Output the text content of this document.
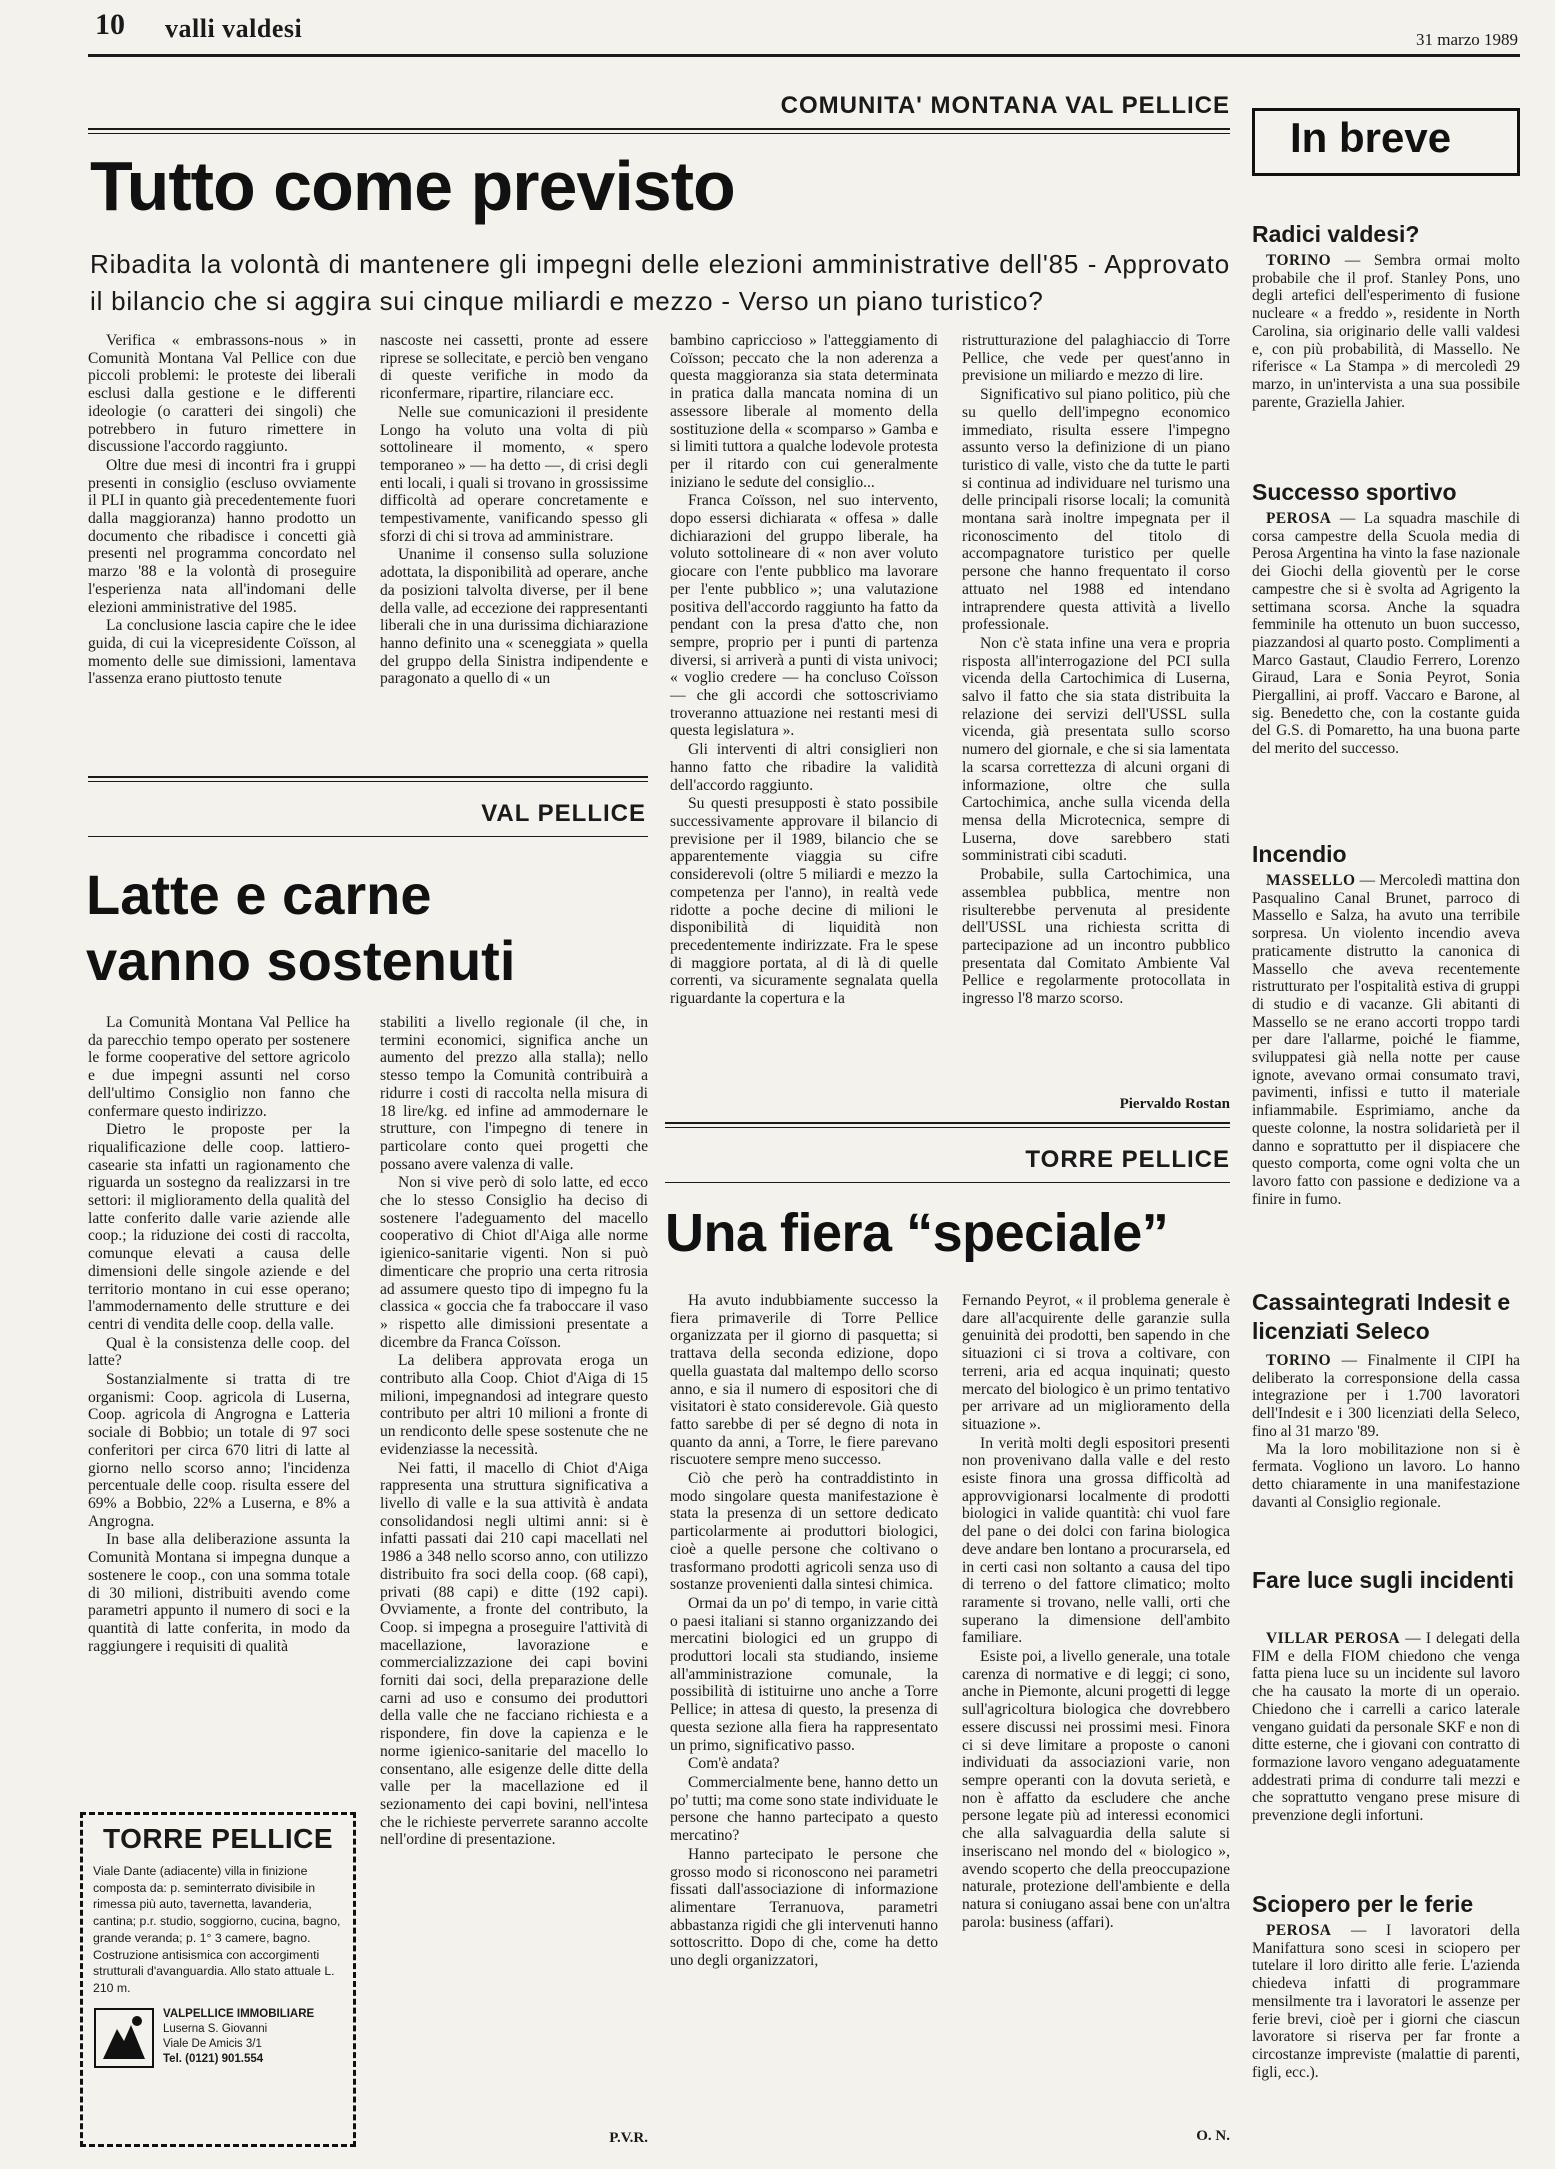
10 valli valdesi	31 marzo 1989
COMUNITA' MONTANA VAL PELLICE
Tutto come previsto
Ribadita la volontà di mantenere gli impegni delle elezioni amministrative dell'85 - Approvato il bilancio che si aggira sui cinque miliardi e mezzo - Verso un piano turistico?

Verifica « embrassons-nous » in Comunità Montana Val Pellice con due piccoli problemi: le proteste dei liberali esclusi dalla gestione e le differenti ideologie (o caratteri dei singoli) che potrebbero in futuro rimettere in discussione l'accordo raggiunto.

Oltre due mesi di incontri fra i gruppi presenti in consiglio (escluso ovviamente il PLI in quanto già precedentemente fuori dalla maggioranza) hanno prodotto un documento che ribadisce i concetti già presenti nel programma concordato nel marzo '88 e la volontà di proseguire l'esperienza nata all'indomani delle elezioni amministrative del 1985.

La conclusione lascia capire che le idee guida, di cui la vicepresidente Coïsson, al momento delle sue dimissioni, lamentava l'assenza erano piuttosto tenute

nascoste nei cassetti, pronte ad essere riprese se sollecitate, e perciò ben vengano di queste verifiche in modo da riconfermare, ripartire, rilanciare ecc.

Nelle sue comunicazioni il presidente Longo ha voluto una volta di più sottolineare il momento, « spero temporaneo » — ha detto —, di crisi degli enti locali, i quali si trovano in grossissime difficoltà ad operare concretamente e tempestivamente, vanificando spesso gli sforzi di chi si trova ad amministrare.

Unanime il consenso sulla soluzione adottata, la disponibilità ad operare, anche da posizioni talvolta diverse, per il bene della valle, ad eccezione dei rappresentanti liberali che in una durissima dichiarazione hanno definito una « sceneggiata » quella del gruppo della Sinistra indipendente e paragonato a quello di « un

bambino capriccioso » l'atteggiamento di Coïsson; peccato che la non aderenza a questa maggioranza sia stata determinata in pratica dalla mancata nomina di un assessore liberale al momento della sostituzione della « scomparso » Gamba e si limiti tuttora a qualche lodevole protesta per il ritardo con cui generalmente iniziano le sedute del consiglio...

Franca Coïsson, nel suo intervento, dopo essersi dichiarata « offesa » dalle dichiarazioni del gruppo liberale, ha voluto sottolineare di « non aver voluto giocare con l'ente pubblico ma lavorare per l'ente pubblico »; una valutazione positiva dell'accordo raggiunto ha fatto da pendant con la presa d'atto che, non sempre, proprio per i punti di partenza diversi, si arriverà a punti di vista univoci; « voglio credere — ha concluso Coïsson — che gli accordi che sottoscriviamo troveranno attuazione nei restanti mesi di questa legislatura ».

Gli interventi di altri consiglieri non hanno fatto che ribadire la validità dell'accordo raggiunto.

Su questi presupposti è stato possibile successivamente approvare il bilancio di previsione per il 1989, bilancio che se apparentemente viaggia su cifre considerevoli (oltre 5 miliardi e mezzo la competenza per l'anno), in realtà vede ridotte a poche decine di milioni le disponibilità di liquidità non precedentemente indirizzate. Fra le spese di maggiore portata, al di là di quelle correnti, va sicuramente segnalata quella riguardante la copertura e la

ristrutturazione del palaghiaccio di Torre Pellice, che vede per quest'anno in previsione un miliardo e mezzo di lire.

Significativo sul piano politico, più che su quello dell'impegno economico immediato, risulta essere l'impegno assunto verso la definizione di un piano turistico di valle, visto che da tutte le parti si continua ad individuare nel turismo una delle principali risorse locali; la comunità montana sarà inoltre impegnata per il riconoscimento del titolo di accompagnatore turistico per quelle persone che hanno frequentato il corso attuato nel 1988 ed intendano intraprendere questa attività a livello professionale.

Non c'è stata infine una vera e propria risposta all'interrogazione del PCI sulla vicenda della Cartochimica di Luserna, salvo il fatto che sia stata distribuita la relazione dei servizi dell'USSL sulla vicenda, già presentata sullo scorso numero del giornale, e che si sia lamentata la scarsa correttezza di alcuni organi di informazione, oltre che sulla Cartochimica, anche sulla vicenda della mensa della Microtecnica, sempre di Luserna, dove sarebbero stati somministrati cibi scaduti.

Probabile, sulla Cartochimica, una assemblea pubblica, mentre non risulterebbe pervenuta al presidente dell'USSL una richiesta scritta di partecipazione ad un incontro pubblico presentata dal Comitato Ambiente Val Pellice e regolarmente protocollata in ingresso l'8 marzo scorso.

Piervaldo Rostan
VAL PELLICE
Latte e carne
vanno sostenuti

La Comunità Montana Val Pellice ha da parecchio tempo operato per sostenere le forme cooperative del settore agricolo e due impegni assunti nel corso dell'ultimo Consiglio non fanno che confermare questo indirizzo.

Dietro le proposte per la riqualificazione delle coop. lattiero-casearie sta infatti un ragionamento che riguarda un sostegno da realizzarsi in tre settori: il miglioramento della qualità del latte conferito dalle varie aziende alle coop.; la riduzione dei costi di raccolta, comunque elevati a causa delle dimensioni delle singole aziende e del territorio montano in cui esse operano; l'ammodernamento delle strutture e dei centri di vendita delle coop. della valle.

Qual è la consistenza delle coop. del latte?

Sostanzialmente si tratta di tre organismi: Coop. agricola di Luserna, Coop. agricola di Angrogna e Latteria sociale di Bobbio; un totale di 97 soci conferitori per circa 670 litri di latte al giorno nello scorso anno; l'incidenza percentuale delle coop. risulta essere del 69% a Bobbio, 22% a Luserna, e 8% a Angrogna.

In base alla deliberazione assunta la Comunità Montana si impegna dunque a sostenere le coop., con una somma totale di 30 milioni, distribuiti avendo come parametri appunto il numero di soci e la quantità di latte conferita, in modo da raggiungere i requisiti di qualità

stabiliti a livello regionale (il che, in termini economici, significa anche un aumento del prezzo alla stalla); nello stesso tempo la Comunità contribuirà a ridurre i costi di raccolta nella misura di 18 lire/kg. ed infine ad ammodernare le strutture, con l'impegno di tenere in particolare conto quei progetti che possano avere valenza di valle.

Non si vive però di solo latte, ed ecco che lo stesso Consiglio ha deciso di sostenere l'adeguamento del macello cooperativo di Chiot dl'Aiga alle norme igienico-sanitarie vigenti. Non si può dimenticare che proprio una certa ritrosia ad assumere questo tipo di impegno fu la classica « goccia che fa traboccare il vaso » rispetto alle dimissioni presentate a dicembre da Franca Coïsson.

La delibera approvata eroga un contributo alla Coop. Chiot d'Aiga di 15 milioni, impegnandosi ad integrare questo contributo per altri 10 milioni a fronte di un rendiconto delle spese sostenute che ne evidenziasse la necessità.

Nei fatti, il macello di Chiot d'Aiga rappresenta una struttura significativa a livello di valle e la sua attività è andata consolidandosi negli ultimi anni: si è infatti passati dai 210 capi macellati nel 1986 a 348 nello scorso anno, con utilizzo distribuito fra soci della coop. (68 capi), privati (88 capi) e ditte (192 capi). Ovviamente, a fronte del contributo, la Coop. si impegna a proseguire l'attività di macellazione, lavorazione e commercializzazione dei capi bovini forniti dai soci, della preparazione delle carni ad uso e consumo dei produttori della valle che ne facciano richiesta e a rispondere, fin dove la capienza e le norme igienico-sanitarie del macello lo consentano, alle esigenze delle ditte della valle per la macellazione ed il sezionamento dei capi bovini, nell'intesa che le richieste perverrete saranno accolte nell'ordine di presentazione.

P.V.R.
TORRE PELLICE
Viale Dante (adiacente) villa in finizione composta da: p. seminterrato divisibile in rimessa più auto, tavernetta, lavanderia, cantina; p.r. studio, soggiorno, cucina, bagno, grande veranda; p. 1° 3 camere, bagno. Costruzione antisismica con accorgimenti strutturali d'avanguardia. Allo stato attuale L. 210 m.
VALPELLICE IMMOBILIARE
Luserna S. Giovanni
Viale De Amicis 3/1
Tel. (0121) 901.554
TORRE PELLICE
Una fiera “speciale”

Ha avuto indubbiamente successo la fiera primaverile di Torre Pellice organizzata per il giorno di pasquetta; si trattava della seconda edizione, dopo quella guastata dal maltempo dello scorso anno, e sia il numero di espositori che di visitatori è stato considerevole. Già questo fatto sarebbe di per sé degno di nota in quanto da anni, a Torre, le fiere parevano riscuotere sempre meno successo.

Ciò che però ha contraddistinto in modo singolare questa manifestazione è stata la presenza di un settore dedicato particolarmente ai produttori biologici, cioè a quelle persone che coltivano o trasformano prodotti agricoli senza uso di sostanze provenienti dalla sintesi chimica.

Ormai da un po' di tempo, in varie città o paesi italiani si stanno organizzando dei mercatini biologici ed un gruppo di produttori locali sta studiando, insieme all'amministrazione comunale, la possibilità di istituirne uno anche a Torre Pellice; in attesa di questo, la presenza di questa sezione alla fiera ha rappresentato un primo, significativo passo.

Com'è andata?

Commercialmente bene, hanno detto un po' tutti; ma come sono state individuate le persone che hanno partecipato a questo mercatino?

Hanno partecipato le persone che grosso modo si riconoscono nei parametri fissati dall'associazione di informazione alimentare Terranuova, parametri abbastanza rigidi che gli intervenuti hanno sottoscritto. Dopo di che, come ha detto uno degli organizzatori,

Fernando Peyrot, « il problema generale è dare all'acquirente delle garanzie sulla genuinità dei prodotti, ben sapendo in che situazioni ci si trova a coltivare, con terreni, aria ed acqua inquinati; questo mercato del biologico è un primo tentativo per arrivare ad un miglioramento della situazione ».

In verità molti degli espositori presenti non provenivano dalla valle e del resto esiste finora una grossa difficoltà ad approvvigionarsi localmente di prodotti biologici in valide quantità: chi vuol fare del pane o dei dolci con farina biologica deve andare ben lontano a procurarsela, ed in certi casi non soltanto a causa del tipo di terreno o del fattore climatico; molto raramente si trovano, nelle valli, orti che superano la dimensione dell'ambito familiare.

Esiste poi, a livello generale, una totale carenza di normative e di leggi; ci sono, anche in Piemonte, alcuni progetti di legge sull'agricoltura biologica che dovrebbero essere discussi nei prossimi mesi. Finora ci si deve limitare a proposte o canoni individuati da associazioni varie, non sempre operanti con la dovuta serietà, e non è affatto da escludere che anche persone legate più ad interessi economici che alla salvaguardia della salute si inseriscano nel mondo del « biologico », avendo scoperto che della preoccupazione naturale, protezione dell'ambiente e della natura si coniugano assai bene con un'altra parola: business (affari).

O. N.
In breve
Radici valdesi?

TORINO — Sembra ormai molto probabile che il prof. Stanley Pons, uno degli artefici dell'esperimento di fusione nucleare « a freddo », residente in North Carolina, sia originario delle valli valdesi e, con più probabilità, di Massello. Ne riferisce « La Stampa » di mercoledì 29 marzo, in un'intervista a una sua possibile parente, Graziella Jahier.

Successo sportivo

PEROSA — La squadra maschile di corsa campestre della Scuola media di Perosa Argentina ha vinto la fase nazionale dei Giochi della gioventù per le corse campestre che si è svolta ad Agrigento la settimana scorsa. Anche la squadra femminile ha ottenuto un buon successo, piazzandosi al quarto posto. Complimenti a Marco Gastaut, Claudio Ferrero, Lorenzo Giraud, Lara e Sonia Peyrot, Sonia Piergallini, ai proff. Vaccaro e Barone, al sig. Benedetto che, con la costante guida del G.S. di Pomaretto, ha una buona parte del merito del successo.

Incendio

MASSELLO — Mercoledì mattina don Pasqualino Canal Brunet, parroco di Massello e Salza, ha avuto una terribile sorpresa. Un violento incendio aveva praticamente distrutto la canonica di Massello che aveva recentemente ristrutturato per l'ospitalità estiva di gruppi di studio e di vacanze. Gli abitanti di Massello se ne erano accorti troppo tardi per dare l'allarme, poiché le fiamme, sviluppatesi già nella notte per cause ignote, avevano ormai consumato travi, pavimenti, infissi e tutto il materiale infiammabile. Esprimiamo, anche da queste colonne, la nostra solidarietà per il danno e soprattutto per il dispiacere che questo comporta, come ogni volta che un lavoro fatto con passione e dedizione va a finire in fumo.

Cassaintegrati Indesit e licenziati Seleco

TORINO — Finalmente il CIPI ha deliberato la corresponsione della cassa integrazione per i 1.700 lavoratori dell'Indesit e i 300 licenziati della Seleco, fino al 31 marzo '89.

Ma la loro mobilitazione non si è fermata. Vogliono un lavoro. Lo hanno detto chiaramente in una manifestazione davanti al Consiglio regionale.

Fare luce sugli incidenti

VILLAR PEROSA — I delegati della FIM e della FIOM chiedono che venga fatta piena luce su un incidente sul lavoro che ha causato la morte di un operaio. Chiedono che i carrelli a carico laterale vengano guidati da personale SKF e non di ditte esterne, che i giovani con contratto di formazione lavoro vengano adeguatamente addestrati prima di condurre tali mezzi e che soprattutto vengano prese misure di prevenzione degli infortuni.

Sciopero per le ferie

PEROSA — I lavoratori della Manifattura sono scesi in sciopero per tutelare il loro diritto alle ferie. L'azienda chiedeva infatti di programmare mensilmente tra i lavoratori le assenze per ferie brevi, cioè per i giorni che ciascun lavoratore si riserva per far fronte a circostanze impreviste (malattie di parenti, figli, ecc.).
